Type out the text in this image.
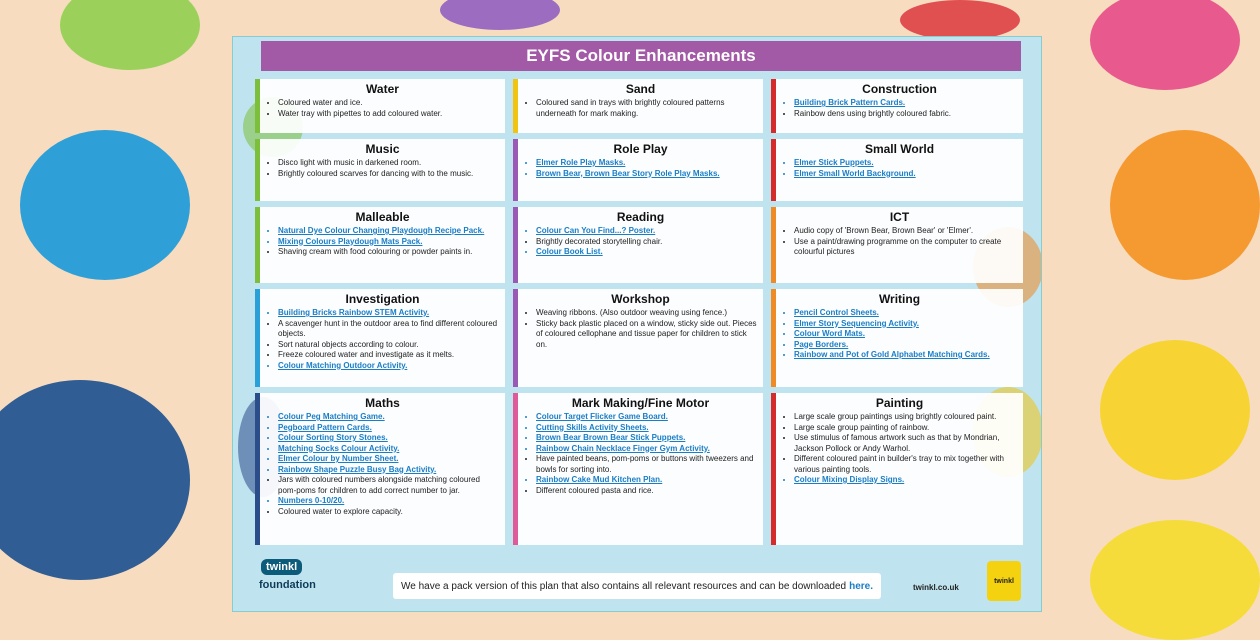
EYFS Colour Enhancements
Water
• Coloured water and ice.
• Water tray with pipettes to add coloured water.
Sand
• Coloured sand in trays with brightly coloured patterns underneath for mark making.
Construction
• Building Brick Pattern Cards.
• Rainbow dens using brightly coloured fabric.
Music
• Disco light with music in darkened room.
• Brightly coloured scarves for dancing with to the music.
Role Play
• Elmer Role Play Masks.
• Brown Bear, Brown Bear Story Role Play Masks.
Small World
• Elmer Stick Puppets.
• Elmer Small World Background.
Malleable
• Natural Dye Colour Changing Playdough Recipe Pack.
• Mixing Colours Playdough Mats Pack.
• Shaving cream with food colouring or powder paints in.
Reading
• Colour Can You Find...? Poster.
• Brightly decorated storytelling chair.
• Colour Book List.
ICT
• Audio copy of 'Brown Bear, Brown Bear' or 'Elmer'.
• Use a paint/drawing programme on the computer to create colourful pictures
Investigation
• Building Bricks Rainbow STEM Activity.
• A scavenger hunt in the outdoor area to find different coloured objects.
• Sort natural objects according to colour.
• Freeze coloured water and investigate as it melts.
• Colour Matching Outdoor Activity.
Workshop
• Weaving ribbons. (Also outdoor weaving using fence.)
• Sticky back plastic placed on a window, sticky side out. Pieces of coloured cellophane and tissue paper for children to stick on.
Writing
• Pencil Control Sheets.
• Elmer Story Sequencing Activity.
• Colour Word Mats.
• Page Borders.
• Rainbow and Pot of Gold Alphabet Matching Cards.
Maths
• Colour Peg Matching Game.
• Pegboard Pattern Cards.
• Colour Sorting Story Stones.
• Matching Socks Colour Activity.
• Elmer Colour by Number Sheet.
• Rainbow Shape Puzzle Busy Bag Activity.
• Jars with coloured numbers alongside matching coloured pom-poms for children to add correct number to jar.
• Numbers 0-10/20.
• Coloured water to explore capacity.
Mark Making/Fine Motor
• Colour Target Flicker Game Board.
• Cutting Skills Activity Sheets.
• Brown Bear Brown Bear Stick Puppets.
• Rainbow Chain Necklace Finger Gym Activity.
• Have painted beans, pom-poms or buttons with tweezers and bowls for sorting into.
• Rainbow Cake Mud Kitchen Plan.
• Different coloured pasta and rice.
Painting
• Large scale group paintings using brightly coloured paint.
• Large scale group painting of rainbow.
• Use stimulus of famous artwork such as that by Mondrian, Jackson Pollock or Andy Warhol.
• Different coloured paint in builder's tray to mix together with various painting tools.
• Colour Mixing Display Signs.
twinkl
foundation	We have a pack version of this plan that also contains all relevant resources and can be downloaded here.	twinkl.co.uk
twinkl
